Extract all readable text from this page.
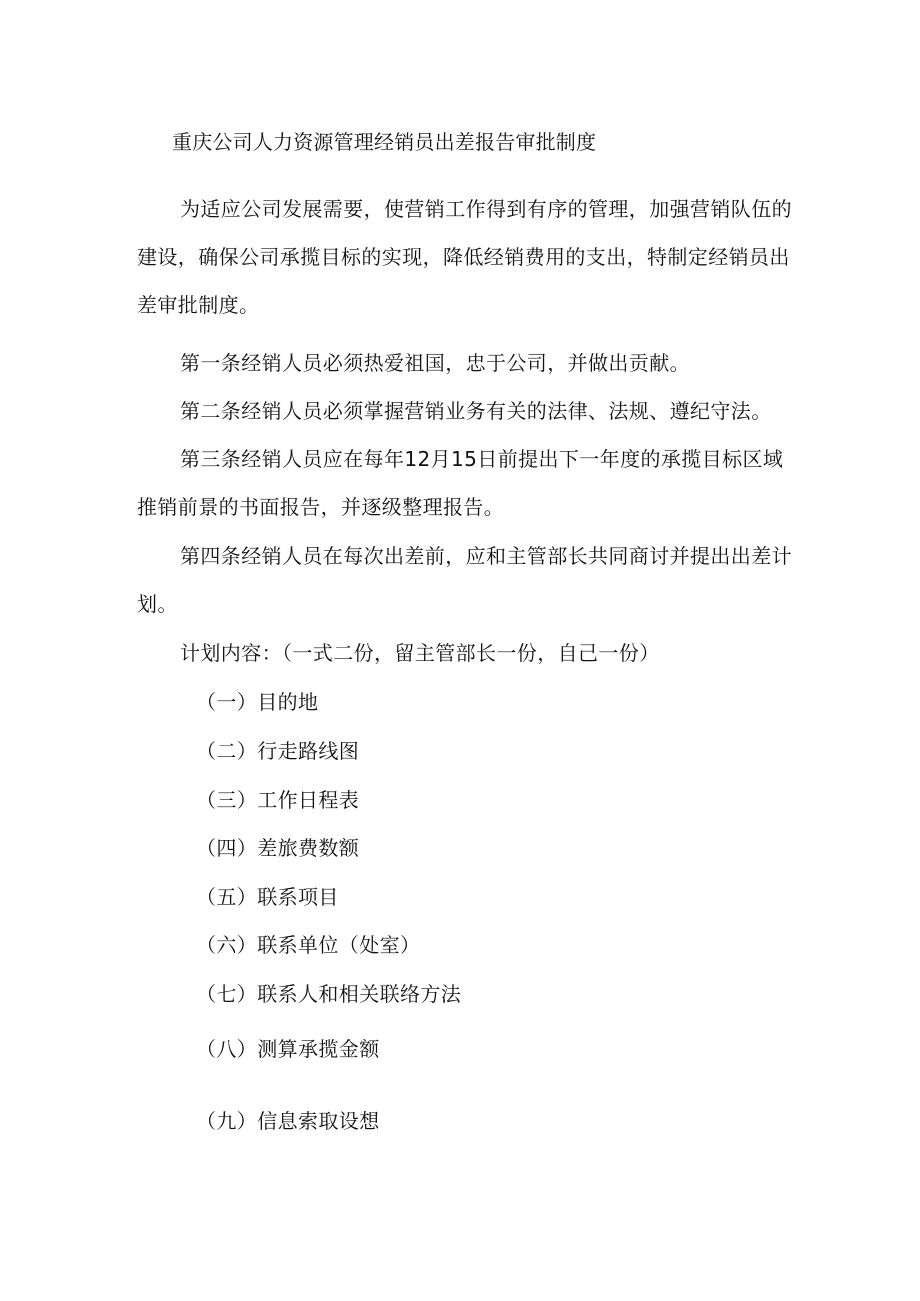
重庆公司人力资源管理经销员出差报告审批制度
为适应公司发展需要，使营销工作得到有序的管理，加强营销队伍的
建设，确保公司承揽目标的实现，降低经销费用的支出，特制定经销员出
差审批制度。
第一条经销人员必须热爱祖国，忠于公司，并做出贡献。
第二条经销人员必须掌握营销业务有关的法律、法规、遵纪守法。
第三条经销人员应在每年12月15日前提出下一年度的承揽目标区域
推销前景的书面报告，并逐级整理报告。
第四条经销人员在每次出差前，应和主管部长共同商讨并提出出差计
划。
计划内容：（一式二份，留主管部长一份，自己一份）
（一）目的地
（二）行走路线图
（三）工作日程表
（四）差旅费数额
（五）联系项目
（六）联系单位（处室）
（七）联系人和相关联络方法
（八）测算承揽金额
（九）信息索取设想
